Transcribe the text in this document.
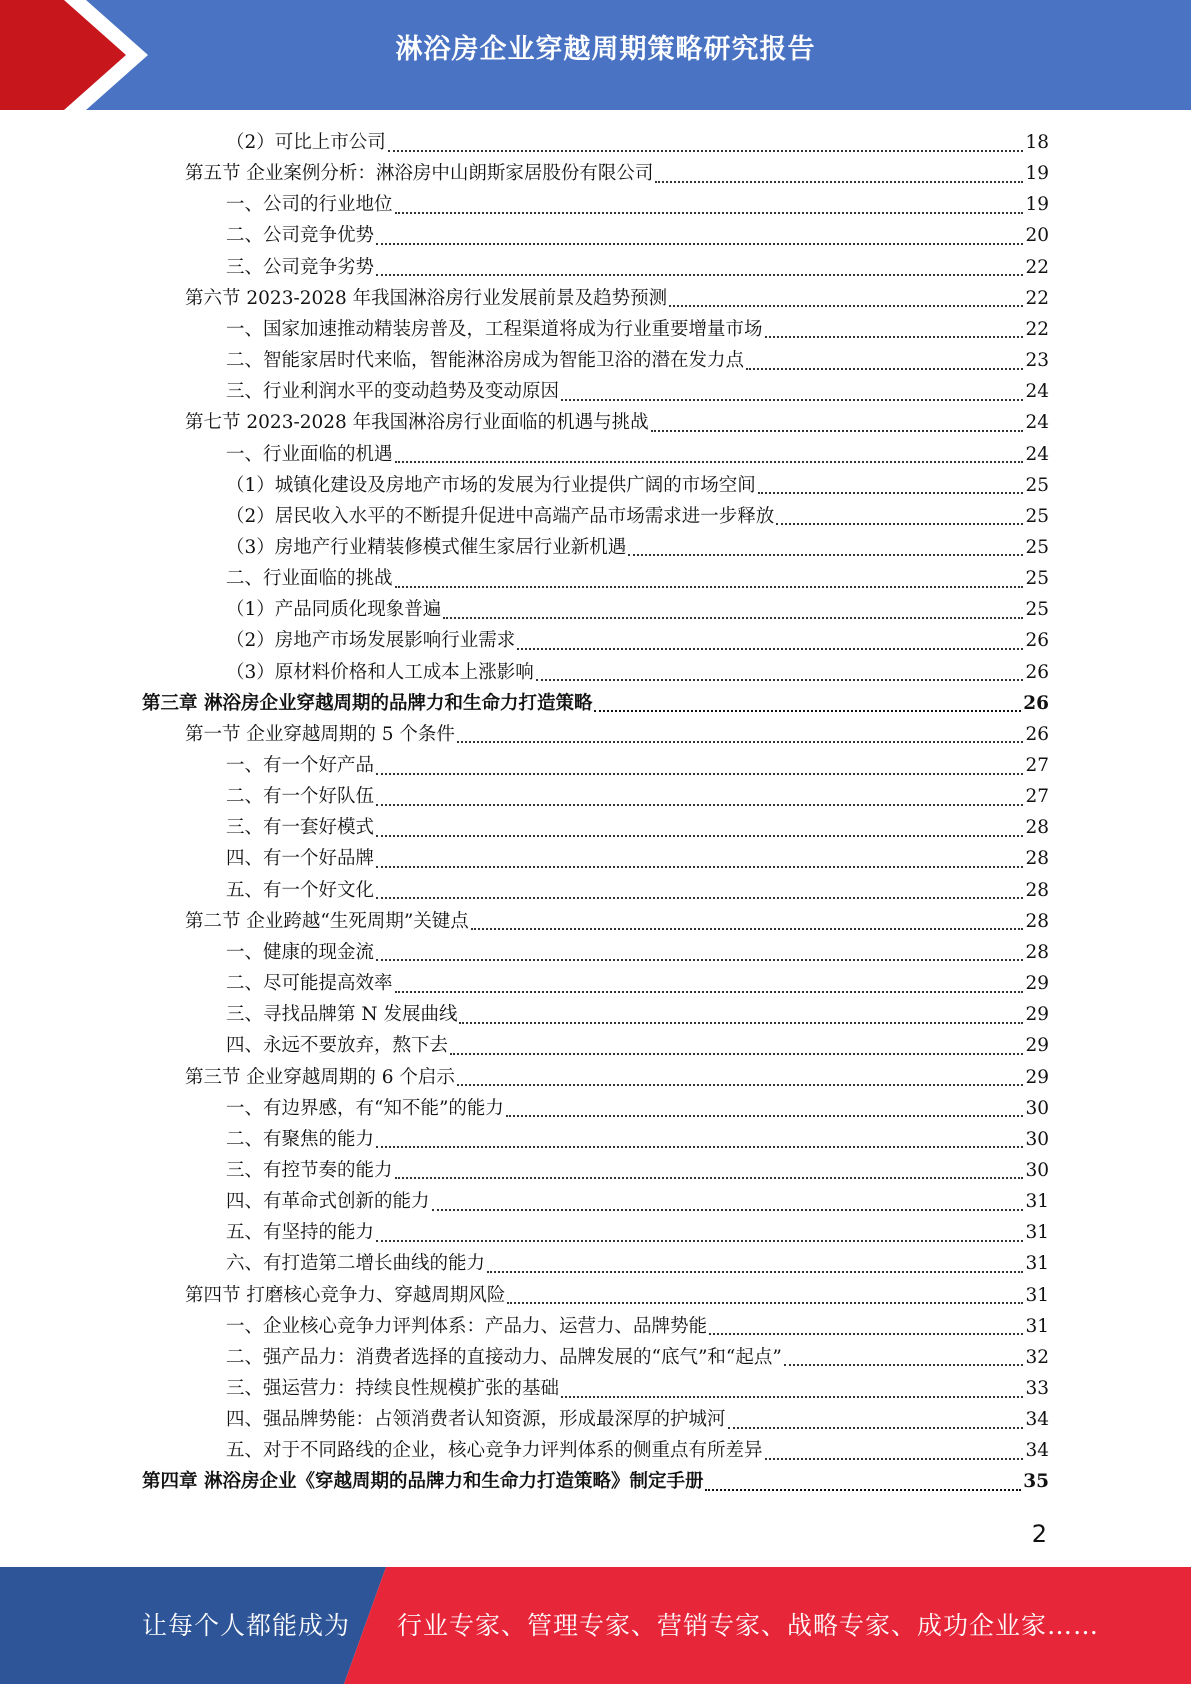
淋浴房企业穿越周期策略研究报告
（2）可比上市公司	18
第五节 企业案例分析：淋浴房中山朗斯家居股份有限公司	19
一、公司的行业地位	19
二、公司竞争优势	20
三、公司竞争劣势	22
第六节 2023-2028 年我国淋浴房行业发展前景及趋势预测	22
一、国家加速推动精装房普及，工程渠道将成为行业重要增量市场	22
二、智能家居时代来临，智能淋浴房成为智能卫浴的潜在发力点	23
三、行业利润水平的变动趋势及变动原因	24
第七节 2023-2028 年我国淋浴房行业面临的机遇与挑战	24
一、行业面临的机遇	24
（1）城镇化建设及房地产市场的发展为行业提供广阔的市场空间	25
（2）居民收入水平的不断提升促进中高端产品市场需求进一步释放	25
（3）房地产行业精装修模式催生家居行业新机遇	25
二、行业面临的挑战	25
（1）产品同质化现象普遍	25
（2）房地产市场发展影响行业需求	26
（3）原材料价格和人工成本上涨影响	26
第三章 淋浴房企业穿越周期的品牌力和生命力打造策略	26
第一节 企业穿越周期的 5 个条件	26
一、有一个好产品	27
二、有一个好队伍	27
三、有一套好模式	28
四、有一个好品牌	28
五、有一个好文化	28
第二节 企业跨越“生死周期”关键点	28
一、健康的现金流	28
二、尽可能提高效率	29
三、寻找品牌第 N 发展曲线	29
四、永远不要放弃，熬下去	29
第三节 企业穿越周期的 6 个启示	29
一、有边界感，有“知不能”的能力	30
二、有聚焦的能力	30
三、有控节奏的能力	30
四、有革命式创新的能力	31
五、有坚持的能力	31
六、有打造第二增长曲线的能力	31
第四节 打磨核心竞争力、穿越周期风险	31
一、企业核心竞争力评判体系：产品力、运营力、品牌势能	31
二、强产品力：消费者选择的直接动力、品牌发展的“底气”和“起点”	32
三、强运营力：持续良性规模扩张的基础	33
四、强品牌势能：占领消费者认知资源，形成最深厚的护城河	34
五、对于不同路线的企业，核心竞争力评判体系的侧重点有所差异	34
第四章 淋浴房企业《穿越周期的品牌力和生命力打造策略》制定手册	35
2
让每个人都能成为 行业专家、管理专家、营销专家、战略专家、成功企业家……
